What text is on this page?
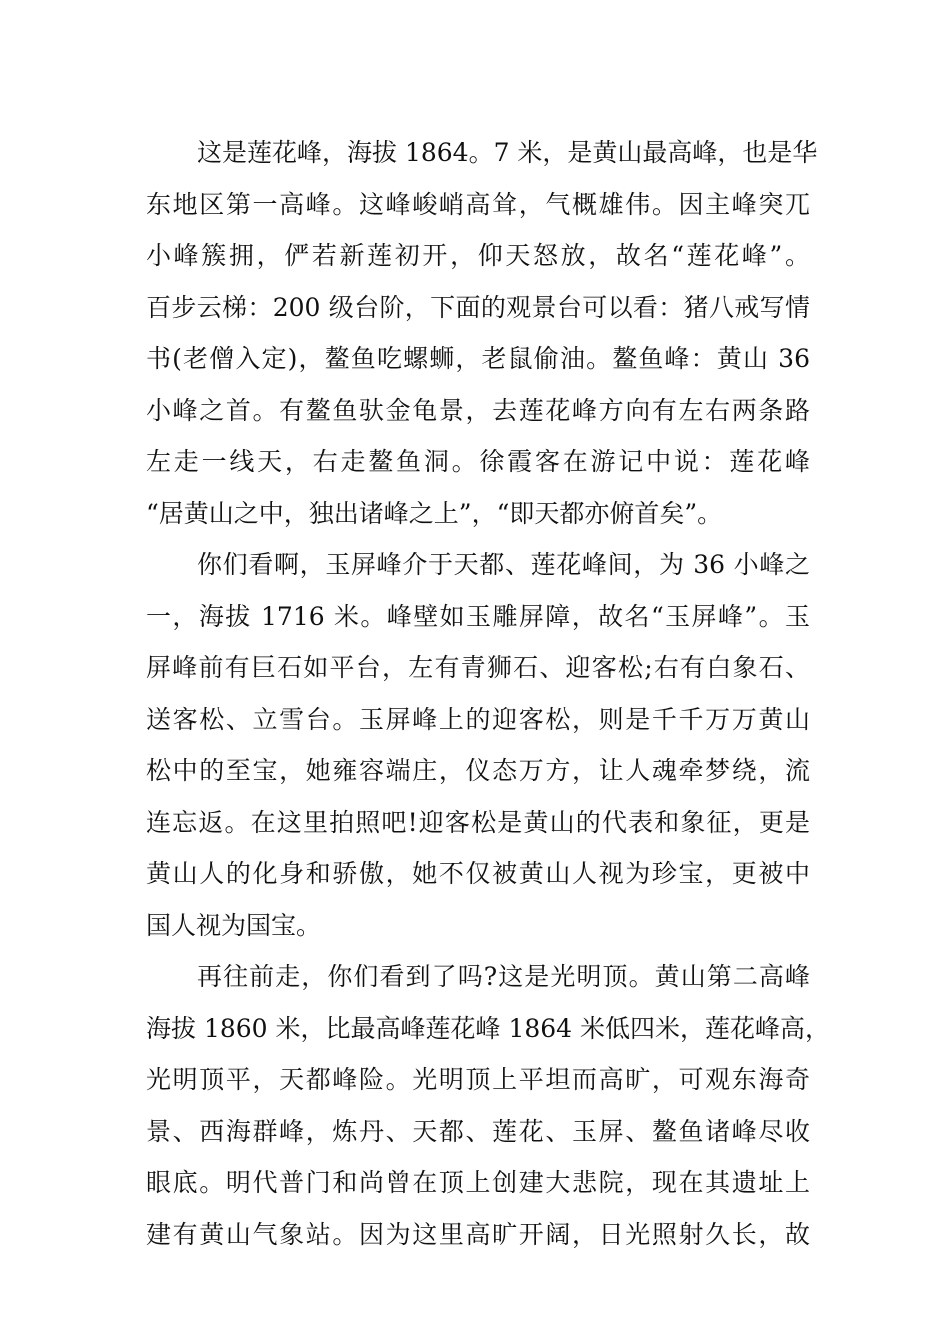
这是莲花峰，海拔 1864。7 米，是黄山最高峰，也是华
东地区第一高峰。这峰峻峭高耸，气概雄伟。因主峰突兀
小峰簇拥，俨若新莲初开，仰天怒放，故名“莲花峰”。
百步云梯：200 级台阶，下面的观景台可以看：猪八戒写情
书(老僧入定)，鳌鱼吃螺蛳，老鼠偷油。鳌鱼峰：黄山 36
小峰之首。有鳌鱼驮金龟景，去莲花峰方向有左右两条路
左走一线天，右走鳌鱼洞。徐霞客在游记中说：莲花峰
“居黄山之中，独出诸峰之上”，“即天都亦俯首矣”。
你们看啊，玉屏峰介于天都、莲花峰间，为 36 小峰之
一，海拔 1716 米。峰壁如玉雕屏障，故名“玉屏峰”。玉
屏峰前有巨石如平台，左有青狮石、迎客松;右有白象石、
送客松、立雪台。玉屏峰上的迎客松，则是千千万万黄山
松中的至宝，她雍容端庄，仪态万方，让人魂牵梦绕，流
连忘返。在这里拍照吧!迎客松是黄山的代表和象征，更是
黄山人的化身和骄傲，她不仅被黄山人视为珍宝，更被中
国人视为国宝。
再往前走，你们看到了吗?这是光明顶。黄山第二高峰
海拔 1860 米，比最高峰莲花峰 1864 米低四米，莲花峰高，
光明顶平，天都峰险。光明顶上平坦而高旷，可观东海奇
景、西海群峰，炼丹、天都、莲花、玉屏、鳌鱼诸峰尽收
眼底。明代普门和尚曾在顶上创建大悲院，现在其遗址上
建有黄山气象站。因为这里高旷开阔，日光照射久长，故
